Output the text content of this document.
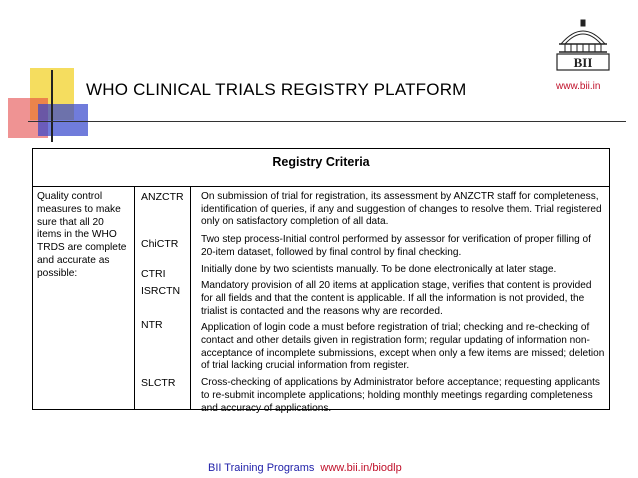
WHO CLINICAL TRIALS REGISTRY PLATFORM
BII
www.bii.in
Registry Criteria
Quality control measures to make sure that all 20 items in the WHO TRDS are complete and accurate as possible:
ANZCTR
ChiCTR
CTRI
ISRCTN
NTR
SLCTR

On submission of trial for registration, its assessment by ANZCTR staff for completeness, identification of queries, if any and suggestion of changes to resolve them. Trial registered only on satisfactory completion of all data.

Two step process-Initial control performed by assessor for verification of proper filling of 20-item dataset, followed by final control by final checking.

Initially done by two scientists manually. To be done electronically at later stage.

Mandatory provision of all 20 items at application stage, verifies that content is provided for all fields and that the content is applicable. If all the information is not provided, the trialist is contacted and the reasons why are recorded.

Application of login code a must before registration of trial; checking and re-checking of contact and other details given in registration form; regular updating of information non-acceptance of incomplete submissions, except when only a few items are missed; deletion of trial lacking crucial information from register.

Cross-checking of applications by Administrator before acceptance; requesting applicants to re-submit incomplete applications; holding monthly meetings regarding completeness and accuracy of applications.

BII Training Programs www.bii.in/biodlp
